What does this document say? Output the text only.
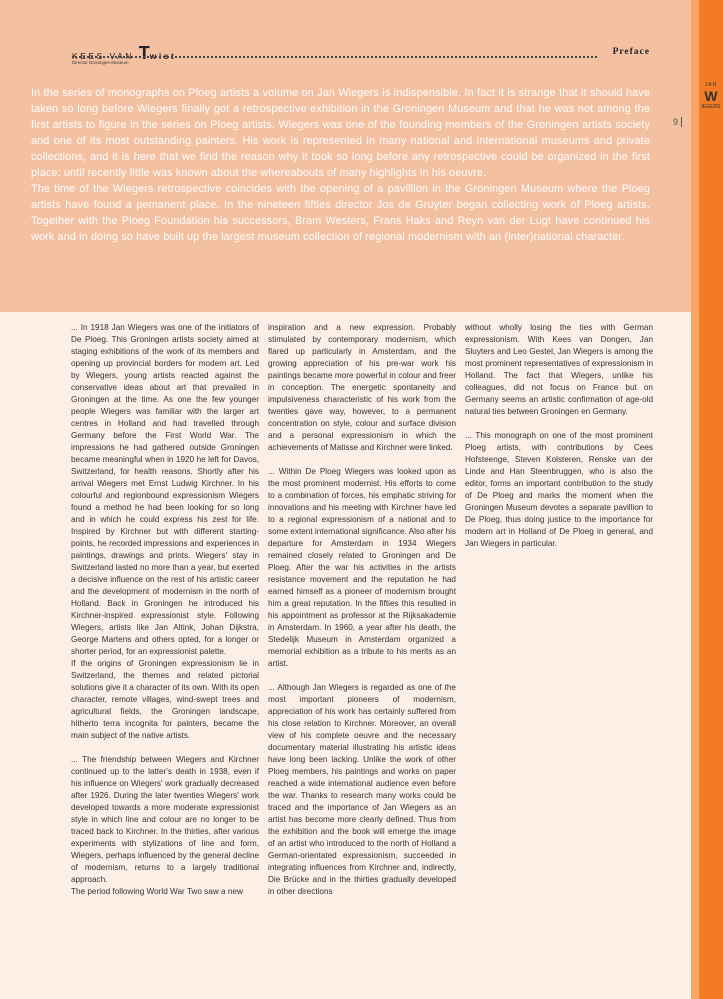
KEES VAN Twist	Preface
Director Groningen Museum
JAN
W
IEGERS
9

In the series of monographs on Ploeg artists a volume on Jan Wiegers is indispensible. In fact it is strange that it should have taken so long before Wiegers finally got a retrospective exhibition in the Groningen Museum and that he was not among the first artists to figure in the series on Ploeg artists. Wiegers was one of the founding members of the Groningen artists society and one of its most outstanding painters. His work is represented in many national and international museums and private collections, and it is here that we find the reason why it took so long before any retrospective could be organized in the first place: until recently little was known about the whereabouts of many highlights in his oeuvre.

The time of the Wiegers retrospective coincides with the opening of a pavillion in the Groningen Museum where the Ploeg artists have found a pemanent place. In the nineteen fifties director Jos de Gruyter began collecting work of Ploeg artists. Together with the Ploeg Foundation his successors, Bram Westers, Frans Haks and Reyn van der Lugt have continued his work and in doing so have built up the largest museum collection of regional modernism with an (inter)national character.

... In 1918 Jan Wiegers was one of the initiators of De Ploeg. This Groningen artists society aimed at staging exhibitions of the work of its members and opening up provincial borders for modern art. Led by Wiegers, young artists reacted against the conservative ideas about art that prevailed in Groningen at the time. As one the few younger people Wiegers was familiar with the larger art centres in Holland and had travelled through Germany before the First World War. The impressions he had gathered outside Groningen became meaningful when in 1920 he left for Davos, Switzerland, for health reasons. Shortly after his arrival Wiegers met Ernst Ludwig Kirchner. In his colourful and regionbound expressionism Wiegers found a method he had been looking for so long and in which he could express his zest for life. Inspired by Kirchner but with different starting-points, he recorded impressions and experiences in paintings, drawings and prints. Wiegers' stay in Switzerland lasted no more than a year, but exerted a decisive influence on the rest of his artistic career and the development of modernism in the north of Holland. Back in Groningen he introduced his Kirchner-inspired expressionist style. Following Wiegers, artists like Jan Altink, Johan Dijkstra, George Martens and others opted, for a longer or shorter period, for an expressionist palette.

If the origins of Groningen expressionism lie in Switzerland, the themes and related pictorial solutions give it a character of its own. With its open character, remote villages, wind-swept trees and agricultural fields, the Groningen landscape, hitherto terra incognita for painters, became the main subject of the native artists.

... The friendship between Wiegers and Kirchner continued up to the latter's death in 1938, even if his influence on Wiegers' work gradually decreased after 1926. During the later twenties Wiegers' work developed towards a more moderate expressionist style in which line and colour are no longer to be traced back to Kirchner. In the thirties, after various experiments with stylizations of line and form, Wiegers, perhaps influenced by the general decline of modernism, returns to a largely traditional approach.

The period following World War Two saw a new

inspiration and a new expression. Probably stimulated by contemporary modernism, which flared up particularly in Amsterdam, and the growing appreciation of his pre-war work his paintings became more powerful in colour and freer in conception. The energetic spontaneity and impulsiveness characteristic of his work from the twenties gave way, however, to a permanent concentration on style, colour and surface division and a personal expressionism in which the achievements of Matisse and Kirchner were linked.

... Within De Ploeg Wiegers was looked upon as the most prominent modernist. His efforts to come to a combination of forces, his emphatic striving for innovations and his meeting with Kirchner have led to a regional expressionism of a national and to some extent international significance. Also after his departure for Amsterdam in 1934 Wiegers remained closely related to Groningen and De Ploeg. After the war his activities in the artists resistance movement and the reputation he had earned himself as a pioneer of modernism brought him a great reputation. In the fifties this resulted in his appointment as professor at the Rijksakademie in Amsterdam. In 1960, a year after his death, the Stedelijk Museum in Amsterdam organized a memorial exhibition as a tribute to his merits as an artist.

... Although Jan Wiegers is regarded as one of the most important pioneers of modernism, appreciation of his work has certainly suffered from his close relation to Kirchner. Moreover, an overall view of his complete oeuvre and the necessary documentary material illustrating his artistic ideas have long been lacking. Unlike the work of other Ploeg members, his paintings and works on paper reached a wide international audience even before the war. Thanks to research many works could be traced and the importance of Jan Wiegers as an artist has become more clearly defined. Thus from the exhibition and the book will emerge the image of an artist who introduced to the north of Holland a German-orientated expressionism, succeeded in integrating influences from Kirchner and, indirectly, Die Brücke and in the thirties gradually developed in other directions

without wholly losing the ties with German expressionism. With Kees van Dongen, Jan Sluyters and Leo Gestel, Jan Wiegers is among the most prominent representatives of expressionism in Holland. The fact that Wiegers, unlike his colleagues, did not focus on France but on Germany seems an artistic confirmation of age-old natural ties between Groningen en Germany.

... This monograph on one of the most prominent Ploeg artists, with contributions by Cees Hofsteenge, Steven Kolsteren, Renske van der Linde and Han Steenbruggen, who is also the editor, forms an important contribution to the study of De Ploeg and marks the moment when the Groningen Museum devotes a separate pavillion to De Ploeg, thus doing justice to the importance for modern art in Holland of De Ploeg in general, and Jan Wiegers in particular.
